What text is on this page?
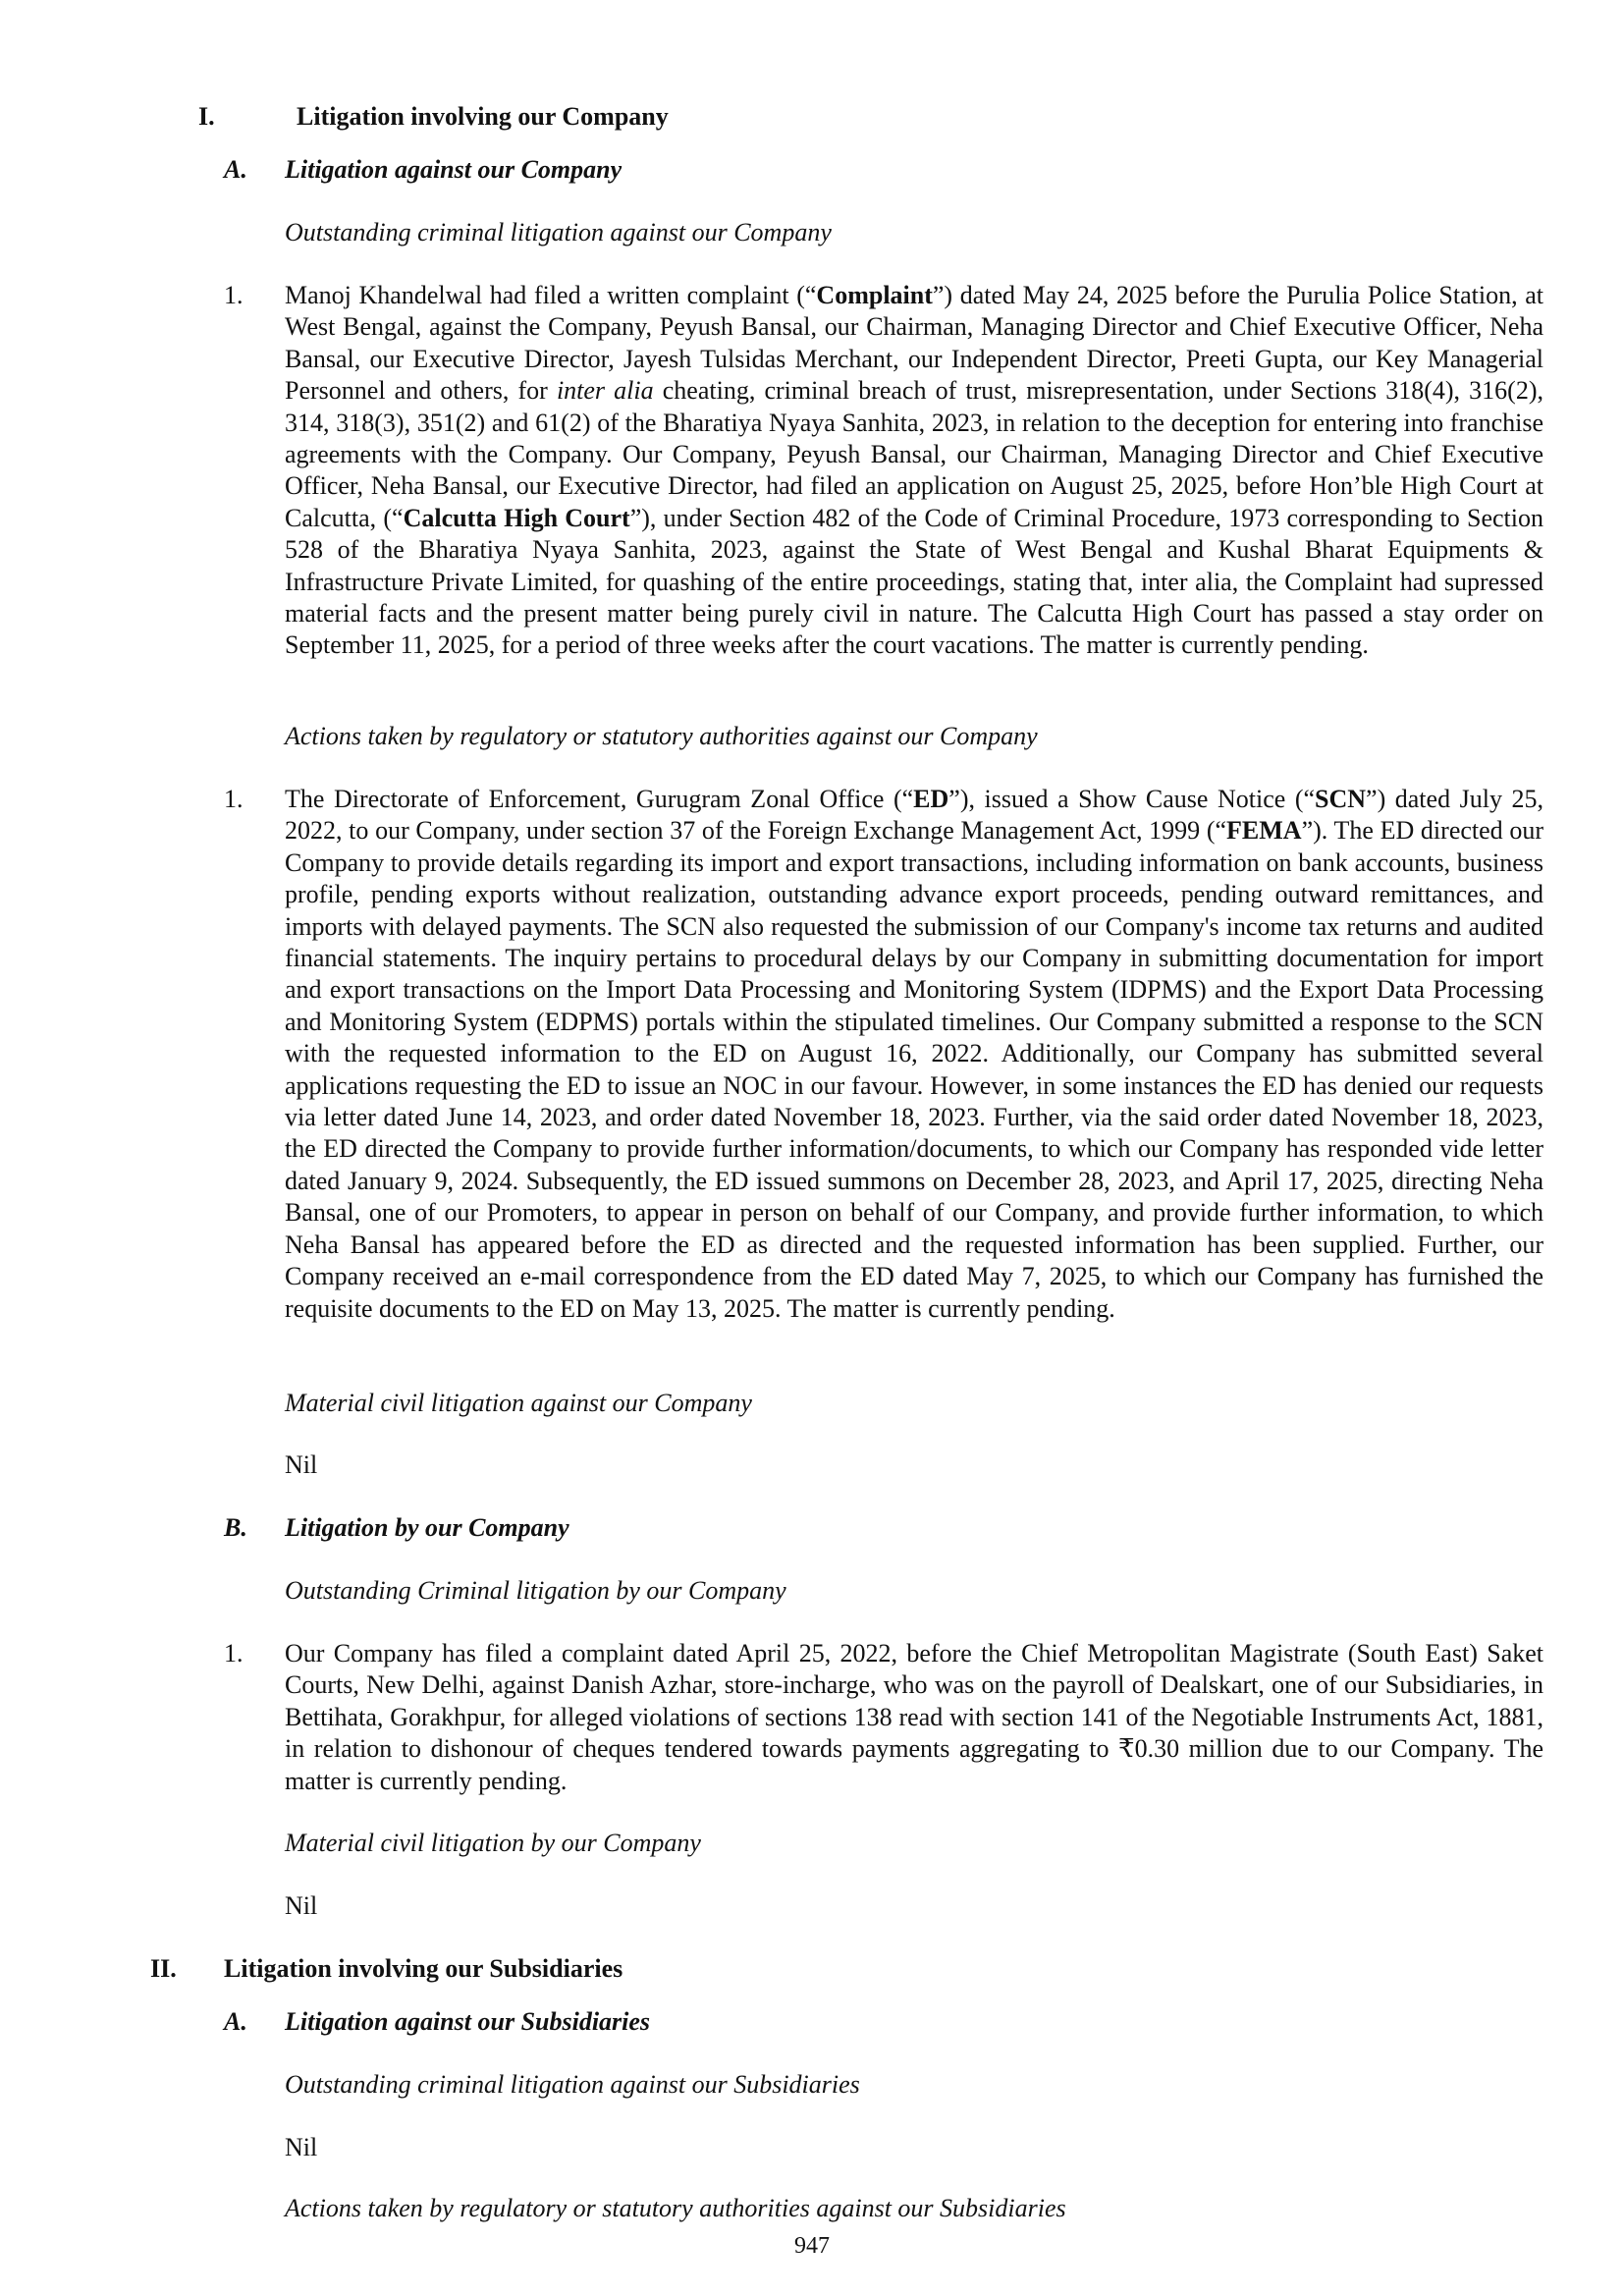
I.	Litigation involving our Company
A. Litigation against our Company
Outstanding criminal litigation against our Company
1. Manoj Khandelwal had filed a written complaint (“Complaint”) dated May 24, 2025 before the Purulia Police Station, at West Bengal, against the Company, Peyush Bansal, our Chairman, Managing Director and Chief Executive Officer, Neha Bansal, our Executive Director, Jayesh Tulsidas Merchant, our Independent Director, Preeti Gupta, our Key Managerial Personnel and others, for inter alia cheating, criminal breach of trust, misrepresentation, under Sections 318(4), 316(2), 314, 318(3), 351(2) and 61(2) of the Bharatiya Nyaya Sanhita, 2023, in relation to the deception for entering into franchise agreements with the Company. Our Company, Peyush Bansal, our Chairman, Managing Director and Chief Executive Officer, Neha Bansal, our Executive Director, had filed an application on August 25, 2025, before Hon’ble High Court at Calcutta, (“Calcutta High Court”), under Section 482 of the Code of Criminal Procedure, 1973 corresponding to Section 528 of the Bharatiya Nyaya Sanhita, 2023, against the State of West Bengal and Kushal Bharat Equipments & Infrastructure Private Limited, for quashing of the entire proceedings, stating that, inter alia, the Complaint had supressed material facts and the present matter being purely civil in nature. The Calcutta High Court has passed a stay order on September 11, 2025, for a period of three weeks after the court vacations. The matter is currently pending.

Actions taken by regulatory or statutory authorities against our Company
1. The Directorate of Enforcement, Gurugram Zonal Office (“ED”), issued a Show Cause Notice (“SCN”) dated July 25, 2022, to our Company, under section 37 of the Foreign Exchange Management Act, 1999 (“FEMA”). The ED directed our Company to provide details regarding its import and export transactions, including information on bank accounts, business profile, pending exports without realization, outstanding advance export proceeds, pending outward remittances, and imports with delayed payments. The SCN also requested the submission of our Company's income tax returns and audited financial statements. The inquiry pertains to procedural delays by our Company in submitting documentation for import and export transactions on the Import Data Processing and Monitoring System (IDPMS) and the Export Data Processing and Monitoring System (EDPMS) portals within the stipulated timelines. Our Company submitted a response to the SCN with the requested information to the ED on August 16, 2022. Additionally, our Company has submitted several applications requesting the ED to issue an NOC in our favour. However, in some instances the ED has denied our requests via letter dated June 14, 2023, and order dated November 18, 2023. Further, via the said order dated November 18, 2023, the ED directed the Company to provide further information/documents, to which our Company has responded vide letter dated January 9, 2024. Subsequently, the ED issued summons on December 28, 2023, and April 17, 2025, directing Neha Bansal, one of our Promoters, to appear in person on behalf of our Company, and provide further information, to which Neha Bansal has appeared before the ED as directed and the requested information has been supplied. Further, our Company received an e-mail correspondence from the ED dated May 7, 2025, to which our Company has furnished the requisite documents to the ED on May 13, 2025. The matter is currently pending.

Material civil litigation against our Company
Nil
B. Litigation by our Company
Outstanding Criminal litigation by our Company
1. Our Company has filed a complaint dated April 25, 2022, before the Chief Metropolitan Magistrate (South East) Saket Courts, New Delhi, against Danish Azhar, store-incharge, who was on the payroll of Dealskart, one of our Subsidiaries, in Bettihata, Gorakhpur, for alleged violations of sections 138 read with section 141 of the Negotiable Instruments Act, 1881, in relation to dishonour of cheques tendered towards payments aggregating to ₹0.30 million due to our Company. The matter is currently pending.

Material civil litigation by our Company
Nil
II. Litigation involving our Subsidiaries
A. Litigation against our Subsidiaries
Outstanding criminal litigation against our Subsidiaries
Nil
Actions taken by regulatory or statutory authorities against our Subsidiaries
947
